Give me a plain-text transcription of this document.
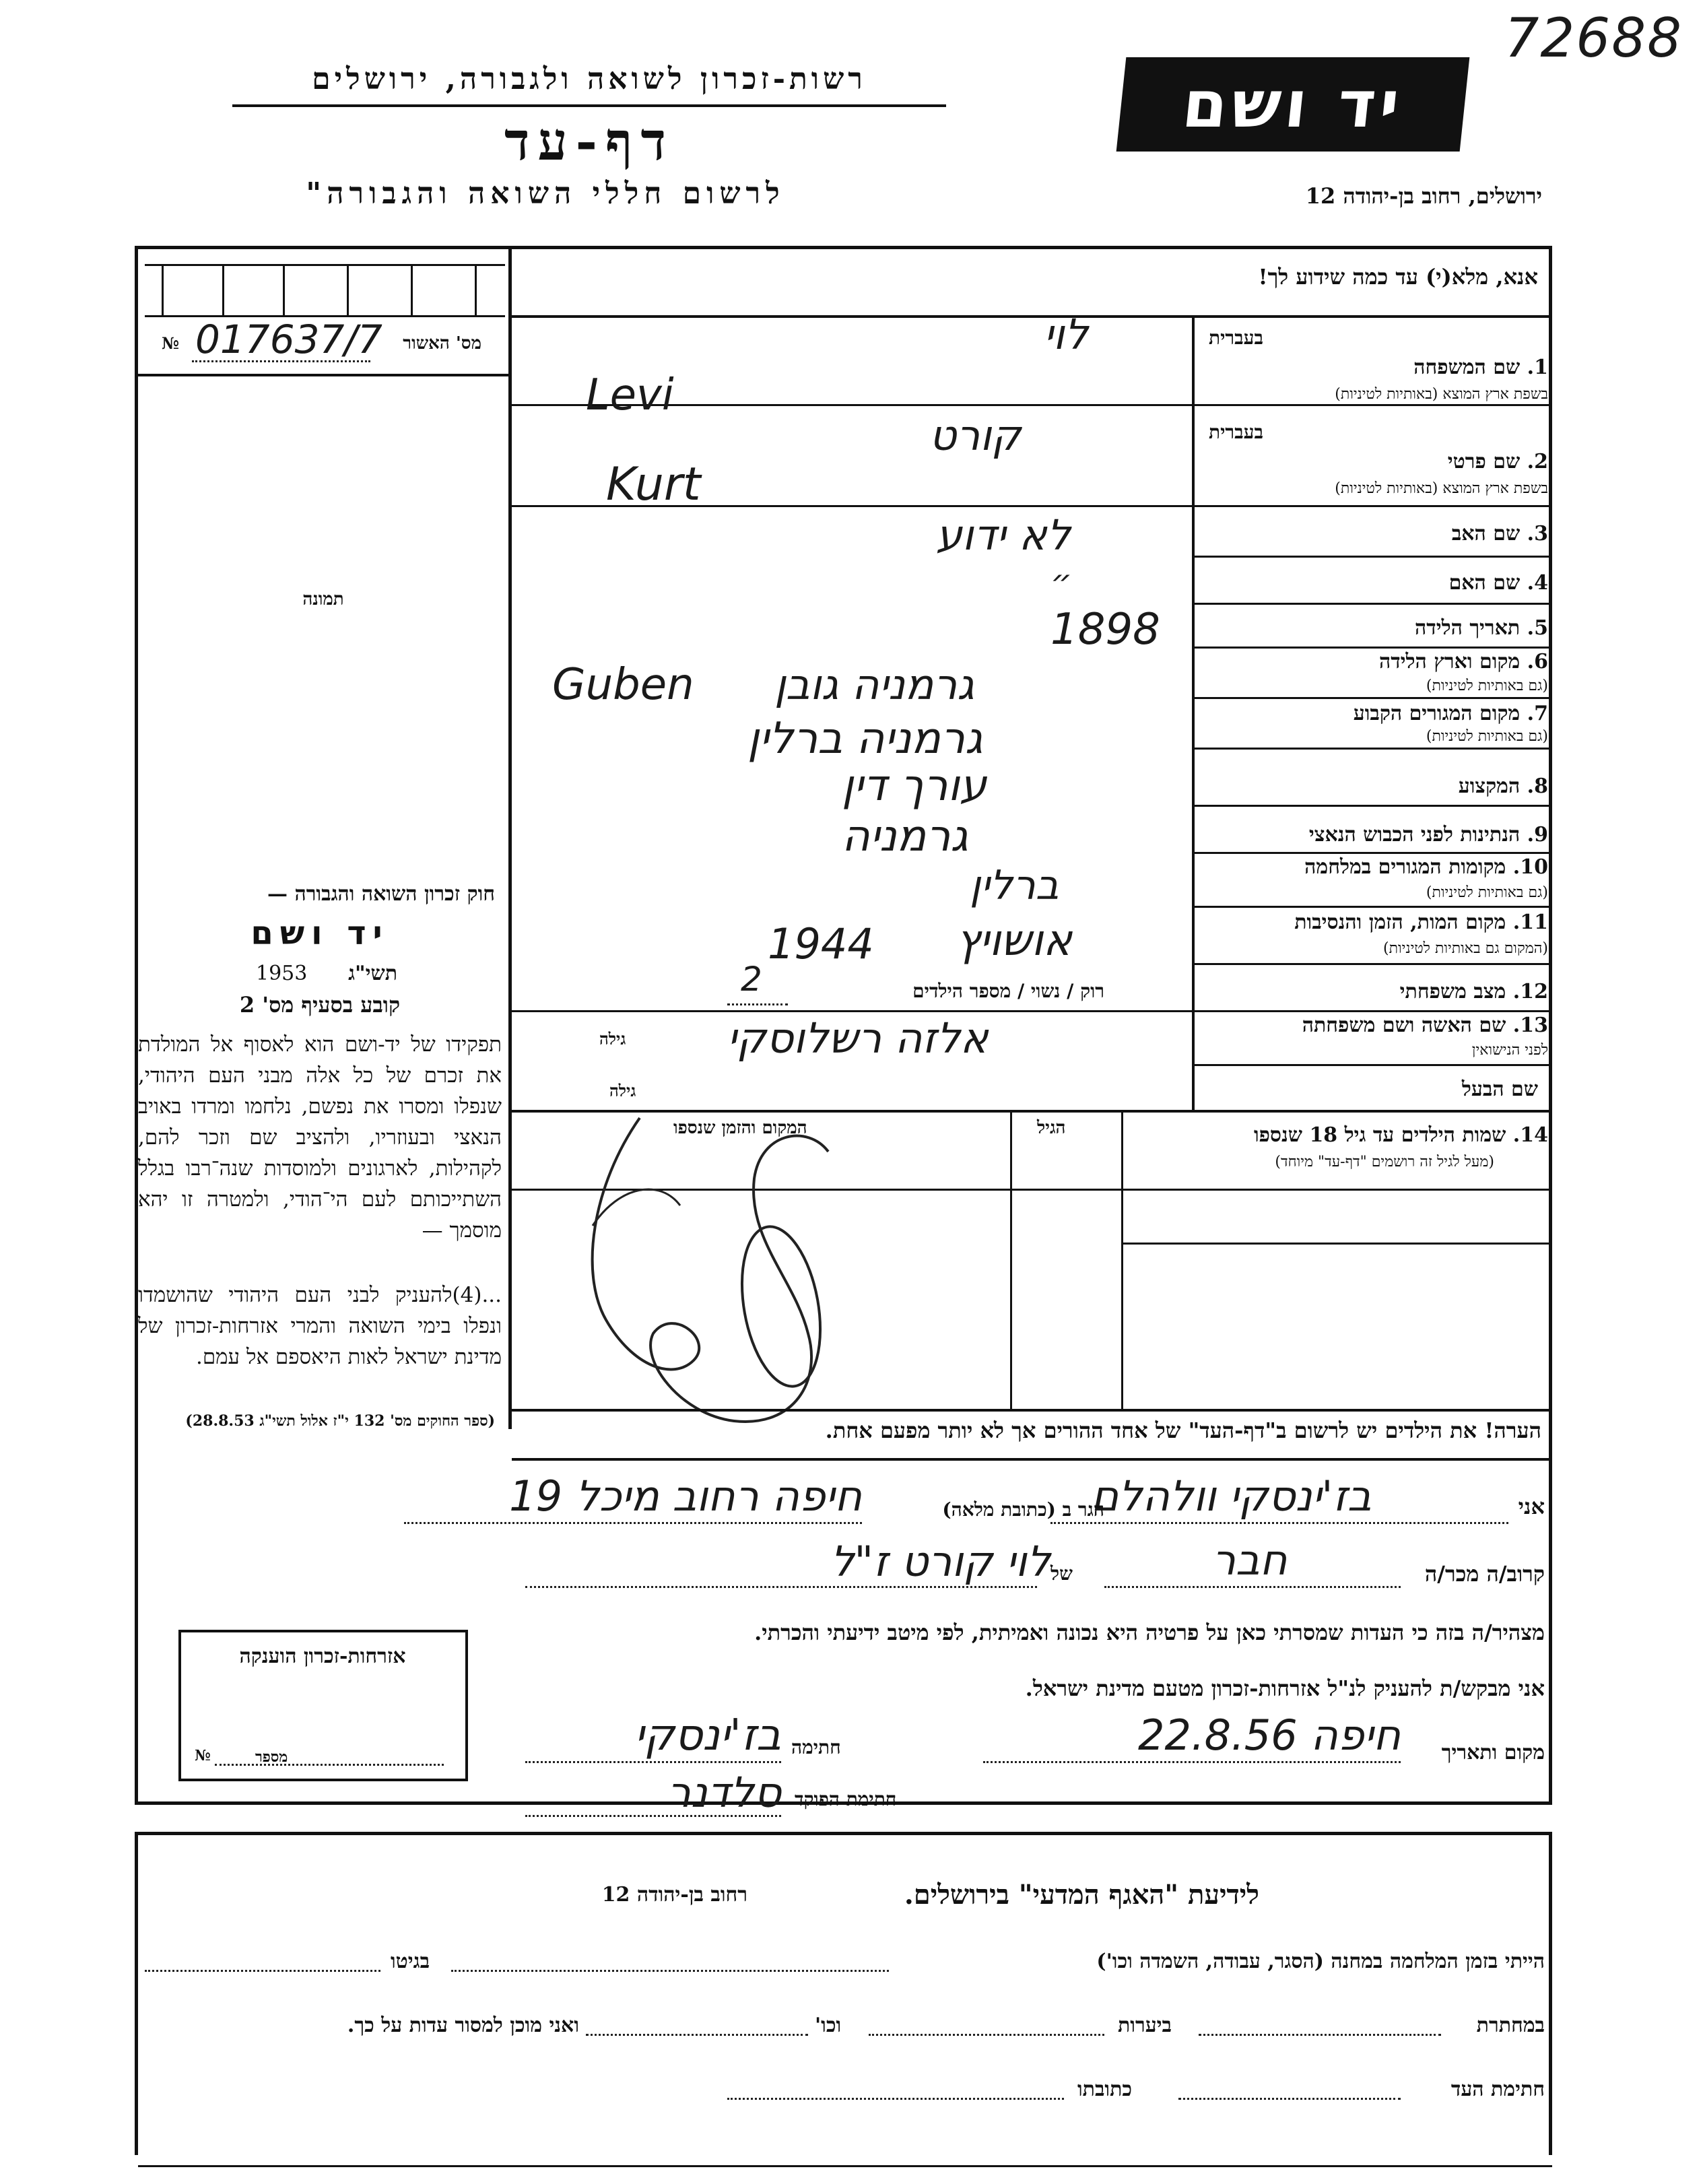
72688
רשות-זכרון לשואה ולגבורה, ירושלים
דף-עד
לרשום חללי השואה והגבורה"
יד ושם
ירושלים, רחוב בן-יהודה 12
אנא, מלא(י) עד כמה שידוע לך!
№ 017637/7	מס' האשור
תמונה
חוק זכרון השואה והגבורה —
יד ושם
תשי"ג
1953
קובע בסעיף מס' 2
תפקידו של יד-ושם הוא לאסוף אל המולדת את זכרם של כל אלה מבני העם היהודי, שנפלו ומסרו את נפשם, נלחמו ומרדו באויב הנאצי ובעוזריו, ולהציב שם וזכר להם, לקהילות, לארגונים ולמוסדות שנה־רבו בגלל השתייכותם לעם הי־הודי, ולמטרה זו יהא מוסמך —
...(4)להעניק לבני העם היהודי שהושמדו ונפלו בימי השואה והמרי אזרחות-זכרון של מדינת ישראל לאות היאספם אל עמם.
(ספר החוקים מס' 132 י"ז אלול תשי"ג 28.8.53)
בעברית
1. שם המשפחה
בשפת ארץ המוצא (באותיות לטיניות)
לוי
Levi
בעברית
2. שם פרטי
בשפת ארץ המוצא (באותיות לטיניות)
קורט
Kurt
3. שם האב
לא ידוע
4. שם האם
״
5. תאריך הלידה
1898
6. מקום וארץ הלידה
(גם באותיות לטיניות)
גרמניה גובן
Guben
7. מקום המגורים הקבוע
(גם באותיות לטיניות)
גרמניה ברלין
8. המקצוע
עורך דין
9. הנתינות לפני הכבוש הנאצי
גרמניה
10. מקומות המגורים במלחמה
(גם באותיות לטיניות)
ברלין
11. מקום המות, הזמן והנסיבות
(המקום גם באותיות לטיניות)
אושויץ
1944
12. מצב משפחתי
רוק / נשוי / מספר הילדים
2
13. שם האשה ושם משפחתה
לפני הנישואין
גילה אלזה רשלוסקי
שם הבעל
גילה
14. שמות הילדים עד גיל 18 שנספו
(מעל לגיל זה רושמים "דף-עד" מיוחד)
הגיל
המקום והזמן שנספו
הערה! את הילדים יש לרשום ב"דף-העד" של אחד ההורים אך לא יותר מפעם אחת.
אני
בז'ינסקי וולהלם
הגר ב (כתובת מלאה)
חיפה רחוב מיכל 19
קרוב/ה מכר/ה
חבר
של
לוי קורט ז"ל
מצהיר/ה בזה כי העדות שמסרתי כאן על פרטיה היא נכונה ואמיתית, לפי מיטב ידיעתי והכרתי.
אני מבקש/ת להעניק לנ"ל אזרחות-זכרון מטעם מדינת ישראל.
מקום ותאריך
חיפה 22.8.56
חתימה
בז'ינסקי
חתימת הפוקד
סלדנר
אזרחות-זכרון הוענקה
מספר
№
לידיעת "האגף המדעי" בירושלים.
רחוב בן-יהודה 12
הייתי בזמן המלחמה במחנה (הסגר, עבודה, השמדה וכו')
בגיטו
במחתרת
ביערות
וכו'
ואני מוכן למסור עדות על כך.
חתימת העד
כתובתו
